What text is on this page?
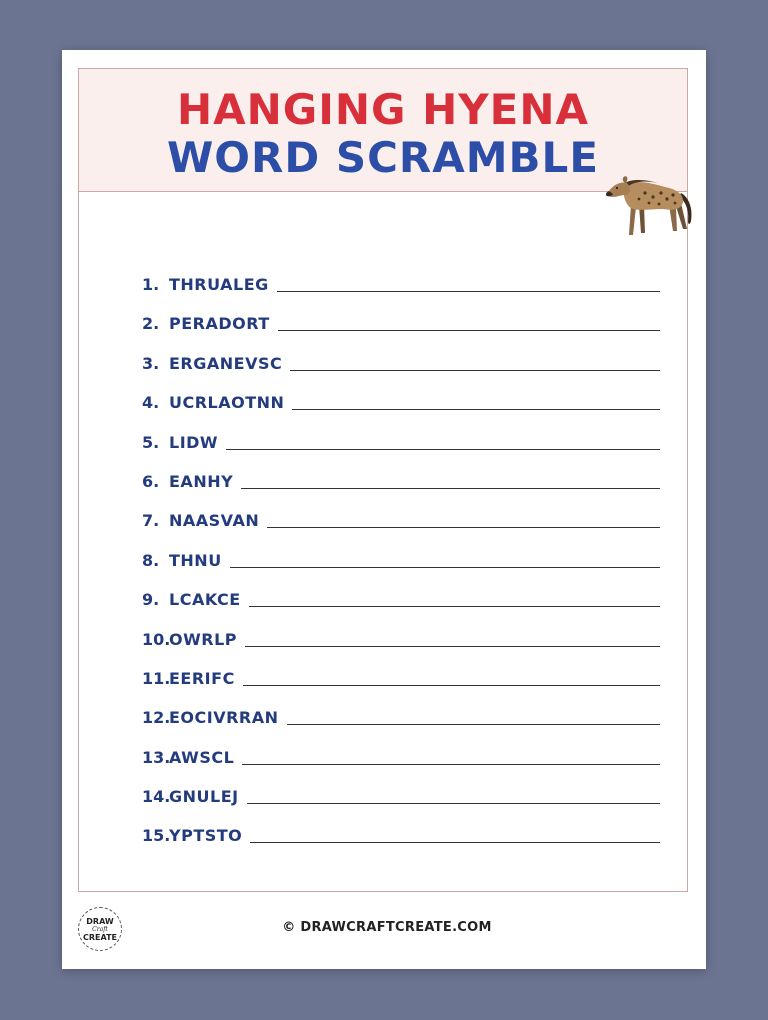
HANGING HYENA
WORD SCRAMBLE
1. THRUALEG
2. PERADORT
3. ERGANEVSC
4. UCRLAOTNN
5. LIDW
6. EANHY
7. NAASVAN
8. THNU
9. LCAKCE
10.
OWRLP
11.
EERIFC
12.
EOCIVRRAN
13.
AWSCL
14.
GNULEJ
15.
YPTSTO
DRAW
Craft
CREATE
© DRAWCRAFTCREATE.COM
